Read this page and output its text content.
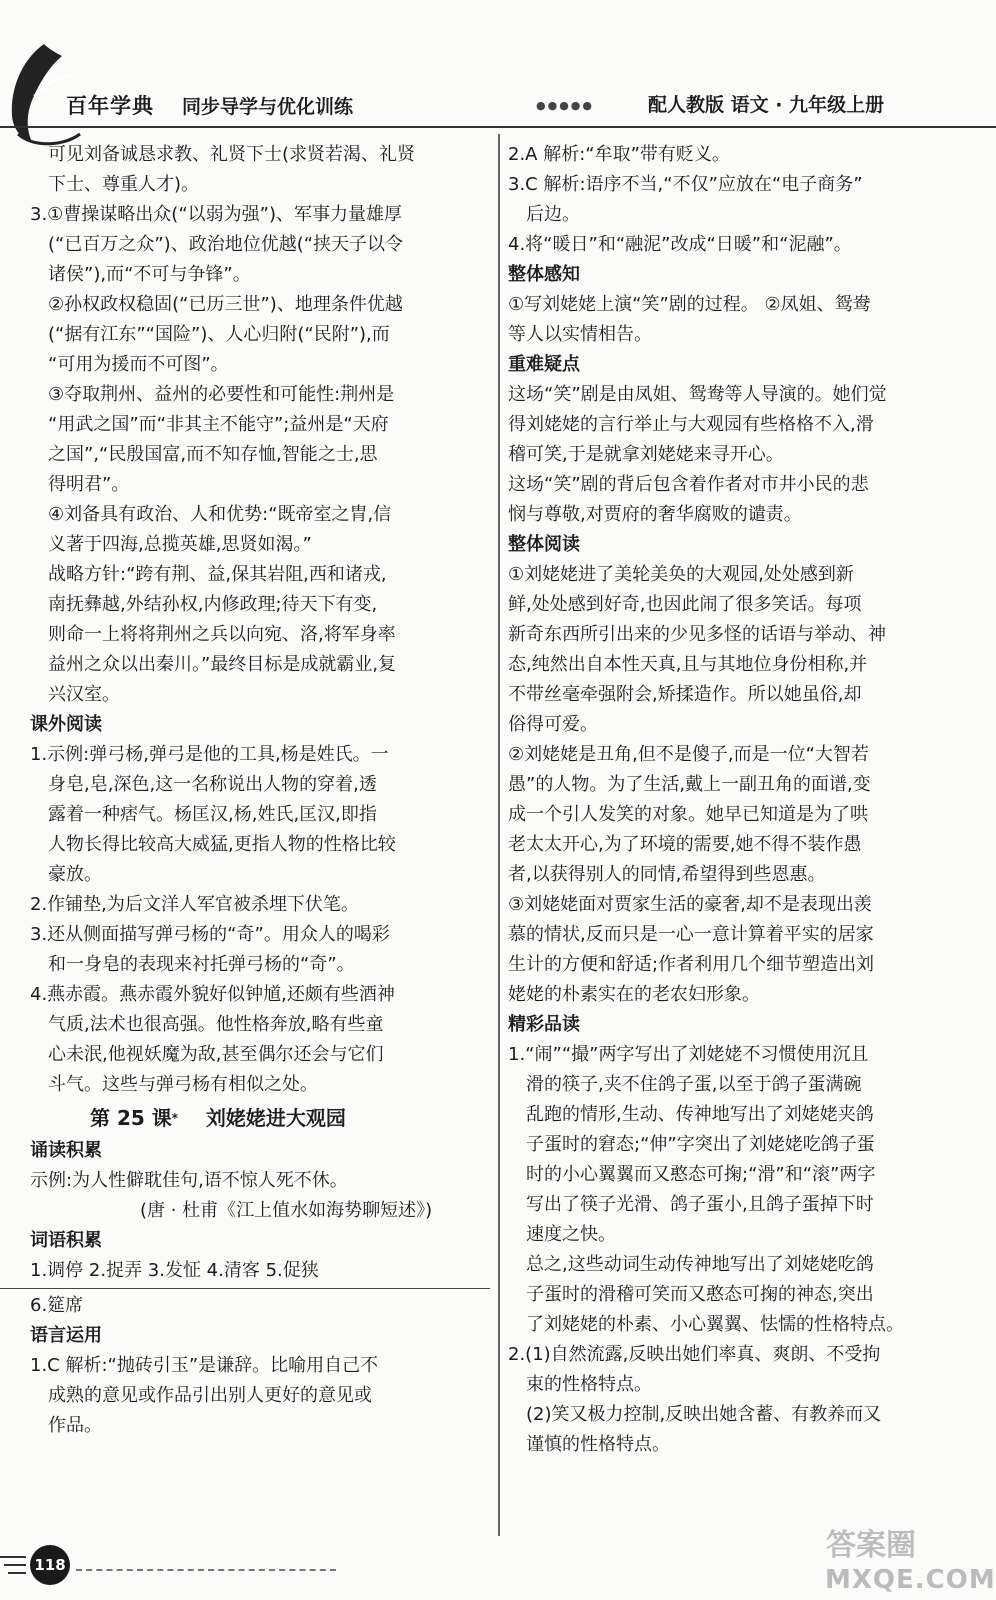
百年学典 同步导学与优化训练	●●●●●	配人教版 语文 · 九年级上册
可见刘备诚恳求教、礼贤下士(求贤若渴、礼贤
下士、尊重人才)。
3.①曹操谋略出众(“以弱为强”)、军事力量雄厚
(“已百万之众”)、政治地位优越(“挟天子以令
诸侯”),而“不可与争锋”。
②孙权政权稳固(“已历三世”)、地理条件优越
(“据有江东”“国险”)、人心归附(“民附”),而
“可用为援而不可图”。
③夺取荆州、益州的必要性和可能性:荆州是
“用武之国”而“非其主不能守”;益州是“天府
之国”,“民殷国富,而不知存恤,智能之士,思
得明君”。
④刘备具有政治、人和优势:“既帝室之胄,信
义著于四海,总揽英雄,思贤如渴。”
战略方针:“跨有荆、益,保其岩阻,西和诸戎,
南抚彝越,外结孙权,内修政理;待天下有变,
则命一上将将荆州之兵以向宛、洛,将军身率
益州之众以出秦川。”最终目标是成就霸业,复
兴汉室。
课外阅读
1.示例:弹弓杨,弹弓是他的工具,杨是姓氏。一
身皂,皂,深色,这一名称说出人物的穿着,透
露着一种痞气。杨匡汉,杨,姓氏,匡汉,即指
人物长得比较高大威猛,更指人物的性格比较
豪放。
2.作铺垫,为后文洋人军官被杀埋下伏笔。
3.还从侧面描写弹弓杨的“奇”。用众人的喝彩
和一身皂的表现来衬托弹弓杨的“奇”。
4.燕赤霞。燕赤霞外貌好似钟馗,还颇有些酒神
气质,法术也很高强。他性格奔放,略有些童
心未泯,他视妖魔为敌,甚至偶尔还会与它们
斗气。这些与弹弓杨有相似之处。
第 25 课* 刘姥姥进大观园
诵读积累
示例:为人性僻耽佳句,语不惊人死不休。
(唐 · 杜甫《江上值水如海势聊短述》)
词语积累
1.调停 2.捉弄 3.发怔 4.清客 5.促狭
6.筵席
语言运用
1.C 解析:“抛砖引玉”是谦辞。比喻用自己不
成熟的意见或作品引出别人更好的意见或
作品。
2.A 解析:“牟取”带有贬义。
3.C 解析:语序不当,“不仅”应放在“电子商务”
后边。
4.将“暖日”和“融泥”改成“日暖”和“泥融”。
整体感知
①写刘姥姥上演“笑”剧的过程。 ②凤姐、鸳鸯
等人以实情相告。
重难疑点
这场“笑”剧是由凤姐、鸳鸯等人导演的。她们觉
得刘姥姥的言行举止与大观园有些格格不入,滑
稽可笑,于是就拿刘姥姥来寻开心。
这场“笑”剧的背后包含着作者对市井小民的悲
悯与尊敬,对贾府的奢华腐败的谴责。
整体阅读
①刘姥姥进了美轮美奂的大观园,处处感到新
鲜,处处感到好奇,也因此闹了很多笑话。每项
新奇东西所引出来的少见多怪的话语与举动、神
态,纯然出自本性天真,且与其地位身份相称,并
不带丝毫牵强附会,矫揉造作。所以她虽俗,却
俗得可爱。
②刘姥姥是丑角,但不是傻子,而是一位“大智若
愚”的人物。为了生活,戴上一副丑角的面谱,变
成一个引人发笑的对象。她早已知道是为了哄
老太太开心,为了环境的需要,她不得不装作愚
者,以获得别人的同情,希望得到些恩惠。
③刘姥姥面对贾家生活的豪奢,却不是表现出羡
慕的情状,反而只是一心一意计算着平实的居家
生计的方便和舒适;作者利用几个细节塑造出刘
姥姥的朴素实在的老农妇形象。
精彩品读
1.“闹”“撮”两字写出了刘姥姥不习惯使用沉且
滑的筷子,夹不住鸽子蛋,以至于鸽子蛋满碗
乱跑的情形,生动、传神地写出了刘姥姥夹鸽
子蛋时的窘态;“伸”字突出了刘姥姥吃鸽子蛋
时的小心翼翼而又憨态可掬;“滑”和“滚”两字
写出了筷子光滑、鸽子蛋小,且鸽子蛋掉下时
速度之快。
总之,这些动词生动传神地写出了刘姥姥吃鸽
子蛋时的滑稽可笑而又憨态可掬的神态,突出
了刘姥姥的朴素、小心翼翼、怯懦的性格特点。
2.(1)自然流露,反映出她们率真、爽朗、不受拘
束的性格特点。
(2)笑又极力控制,反映出她含蓄、有教养而又
谨慎的性格特点。
118
答案圈
MXQE.COM
